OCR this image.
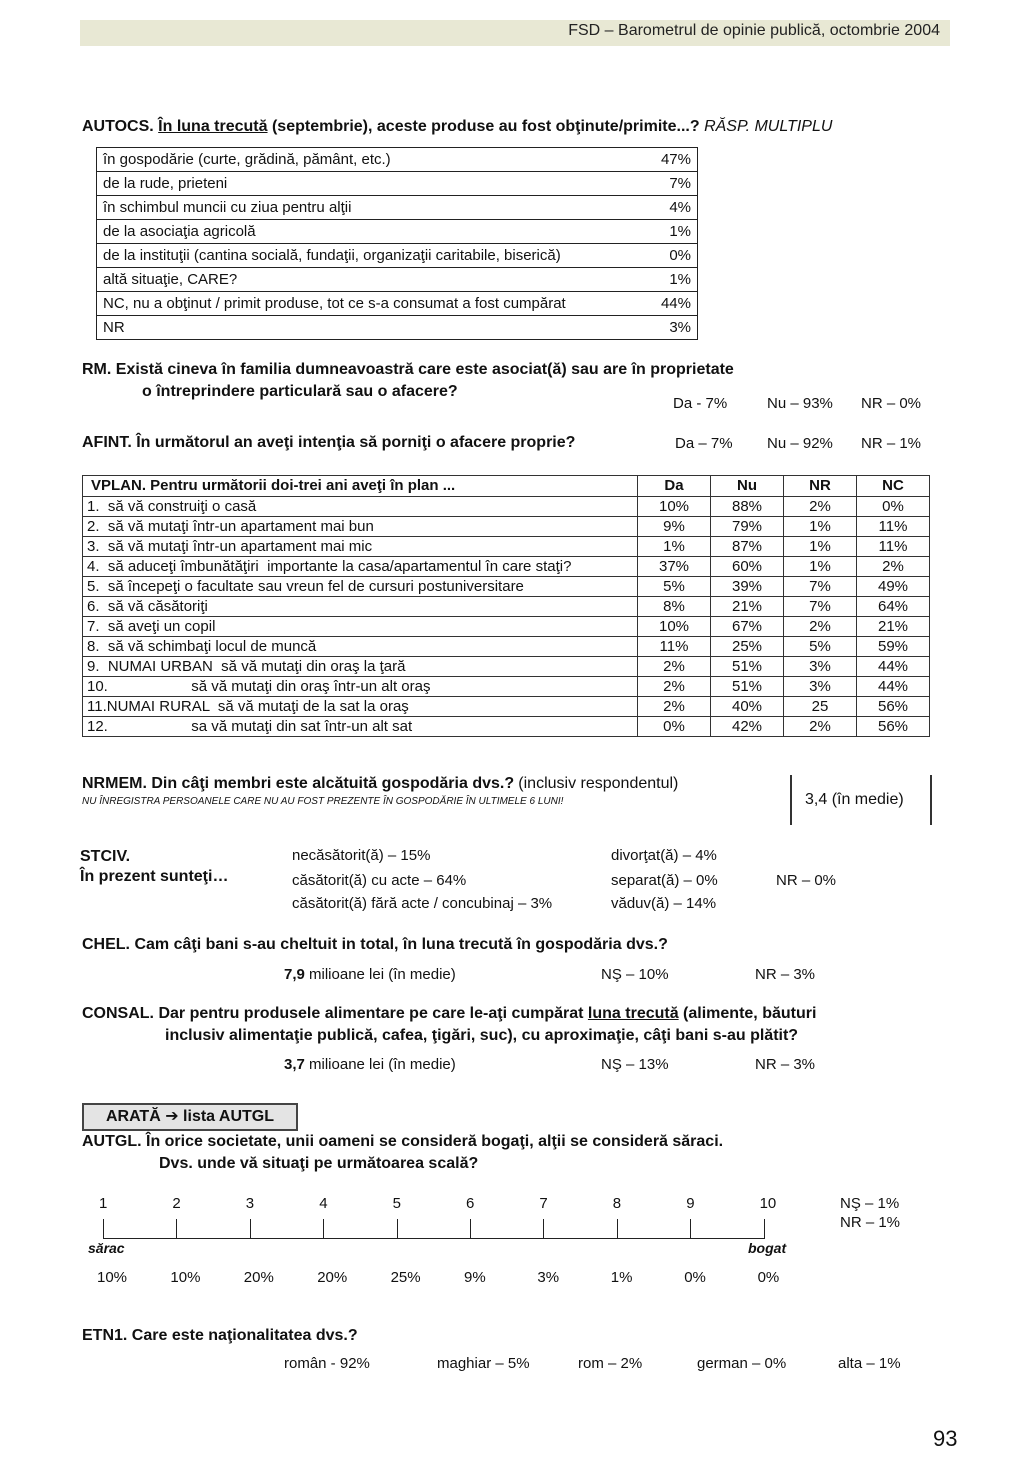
FSD – Barometrul de opinie publică, octombrie 2004
AUTOCS. În luna trecută (septembrie), aceste produse au fost obţinute/primite...? RĂSP. MULTIPLU
în gospodărie (curte, grădină, pământ, etc.)	47%
de la rude, prieteni	7%
în schimbul muncii cu ziua pentru alţii	4%
de la asociaţia agricolă	1%
de la instituţii (cantina socială, fundaţii, organizaţii caritabile, biserică)	0%
altă situaţie, CARE?	1%
NC, nu a obţinut / primit produse, tot ce s-a consumat a fost cumpărat	44%
NR	3%
RM. Există cineva în familia dumneavoastră care este asociat(ă) sau are în proprietate
o întreprindere particulară sau o afacere?
Da - 7%	Nu – 93% NR – 0%
AFINT. În următorul an aveţi intenţia să porniţi o afacere proprie?	Da – 7% Nu – 92% NR – 1%
VPLAN. Pentru următorii doi-trei ani aveţi în plan ...	Da	Nu	NR	NC
1.  să vă construiţi o casă	10%	88%	2%	0%
2.  să vă mutaţi într-un apartament mai bun	9%	79%	1%	11%
3.  să vă mutaţi într-un apartament mai mic	1%	87%	1%	11%
4.  să aduceţi îmbunătăţiri  importante la casa/apartamentul în care staţi?	37%	60%	1%	2%
5.  să începeţi o facultate sau vreun fel de cursuri postuniversitare	5%	39%	7%	49%
6.  să vă căsătoriţi	8%	21%	7%	64%
7.  să aveţi un copil	10%	67%	2%	21%
8.  să vă schimbaţi locul de muncă	11%	25%	5%	59%
9.  NUMAI URBAN  să vă mutaţi din oraş la ţară	2%	51%	3%	44%
10.                    să vă mutaţi din oraş într-un alt oraş	2%	51%	3%	44%
11.NUMAI RURAL  să vă mutaţi de la sat la oraş	2%	40%	25	56%
12.                    sa vă mutaţi din sat într-un alt sat	0%	42%	2%	56%
NRMEM. Din câţi membri este alcătuită gospodăria dvs.? (inclusiv respondentul)
NU ÎNREGISTRA PERSOANELE CARE NU AU FOST PREZENTE ÎN GOSPODĂRIE ÎN ULTIMELE 6 LUNI!	3,4 (în medie)
STCIV.
În prezent sunteţi…
necăsătorit(ă) – 15%
căsătorit(ă) cu acte – 64%
căsătorit(ă) fără acte / concubinaj – 3%
divorţat(ă) – 4%
separat(ă) – 0%
văduv(ă) – 14%
NR – 0%
CHEL. Cam câţi bani s-au cheltuit in total, în luna trecută în gospodăria dvs.?
7,9 milioane lei (în medie)	NŞ – 10%	NR – 3%
CONSAL. Dar pentru produsele alimentare pe care le-aţi cumpărat luna trecută (alimente, băuturi
inclusiv alimentaţie publică, cafea, ţigări, suc), cu aproximaţie, câţi bani s-au plătit?
3,7 milioane lei (în medie)	NŞ – 13%	NR – 3%
ARATĂ ➔ lista AUTGL
AUTGL. În orice societate, unii oameni se consideră bogaţi, alţii se consideră săraci.
Dvs. unde vă situaţi pe următoarea scală?
1
10%
2
10%
3
20%
4
20%
5
25%
6
9%
7
3%
8
1%
9
0%
10
0%
sărac	bogat
NŞ – 1%
NR – 1%
ETN1. Care este naţionalitatea dvs.?
român - 92%	maghiar – 5%	rom – 2%	german – 0%	alta – 1%
93
